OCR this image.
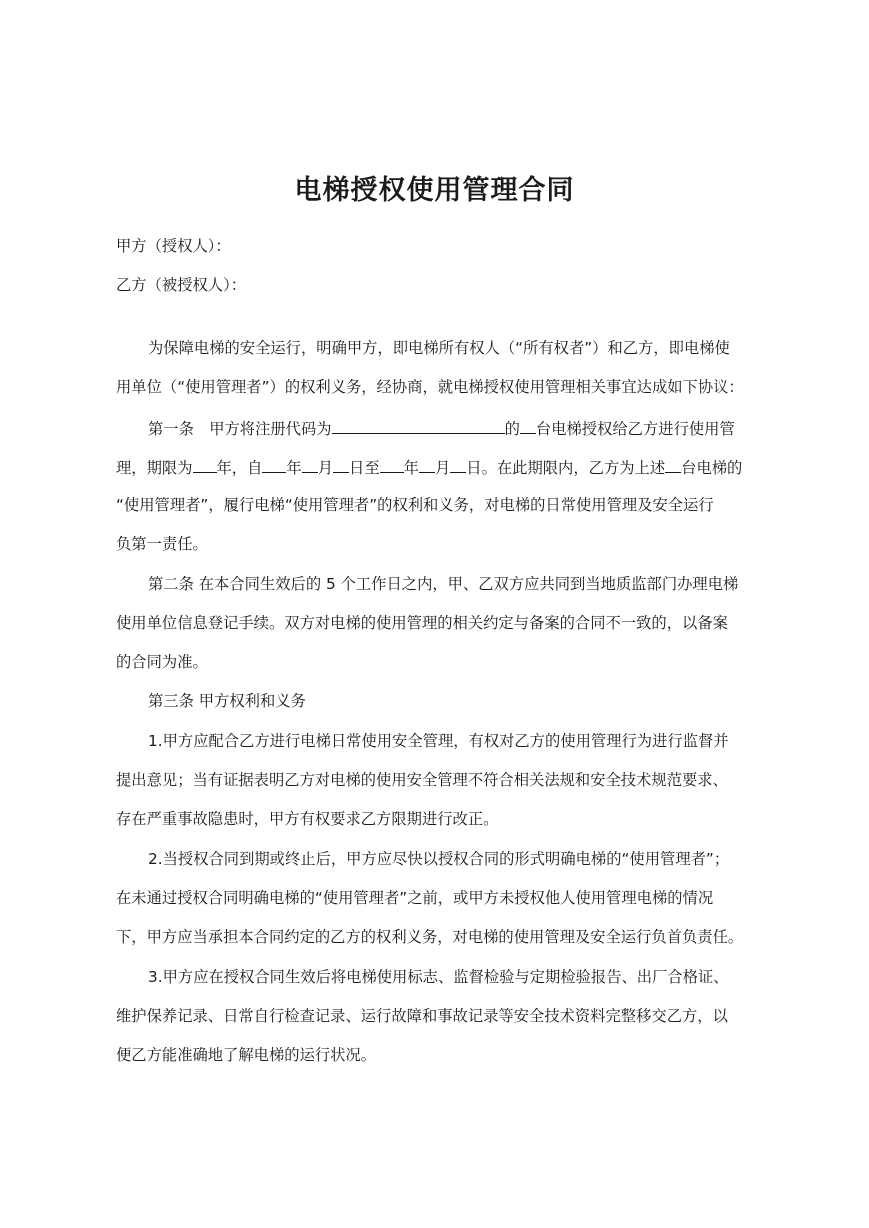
电梯授权使用管理合同
甲方（授权人）：
乙方（被授权人）：
为保障电梯的安全运行，明确甲方，即电梯所有权人（“所有权者”）和乙方，即电梯使
用单位（“使用管理者”）的权利义务，经协商，就电梯授权使用管理相关事宜达成如下协议：
第一条　甲方将注册代码为	的 台电梯授权给乙方进行使用管
理，期限为 年，自 年 月 日至 年 月 日。在此期限内，乙方为上述 台电梯的
“使用管理者”，履行电梯“使用管理者”的权利和义务，对电梯的日常使用管理及安全运行
负第一责任。
第二条 在本合同生效后的 5 个工作日之内，甲、乙双方应共同到当地质监部门办理电梯
使用单位信息登记手续。双方对电梯的使用管理的相关约定与备案的合同不一致的，以备案
的合同为准。
第三条 甲方权利和义务
1.甲方应配合乙方进行电梯日常使用安全管理，有权对乙方的使用管理行为进行监督并
提出意见；当有证据表明乙方对电梯的使用安全管理不符合相关法规和安全技术规范要求、
存在严重事故隐患时，甲方有权要求乙方限期进行改正。
2.当授权合同到期或终止后，甲方应尽快以授权合同的形式明确电梯的“使用管理者”；
在未通过授权合同明确电梯的“使用管理者”之前，或甲方未授权他人使用管理电梯的情况
下，甲方应当承担本合同约定的乙方的权利义务，对电梯的使用管理及安全运行负首负责任。
3.甲方应在授权合同生效后将电梯使用标志、监督检验与定期检验报告、出厂合格证、
维护保养记录、日常自行检查记录、运行故障和事故记录等安全技术资料完整移交乙方，以
便乙方能准确地了解电梯的运行状况。
